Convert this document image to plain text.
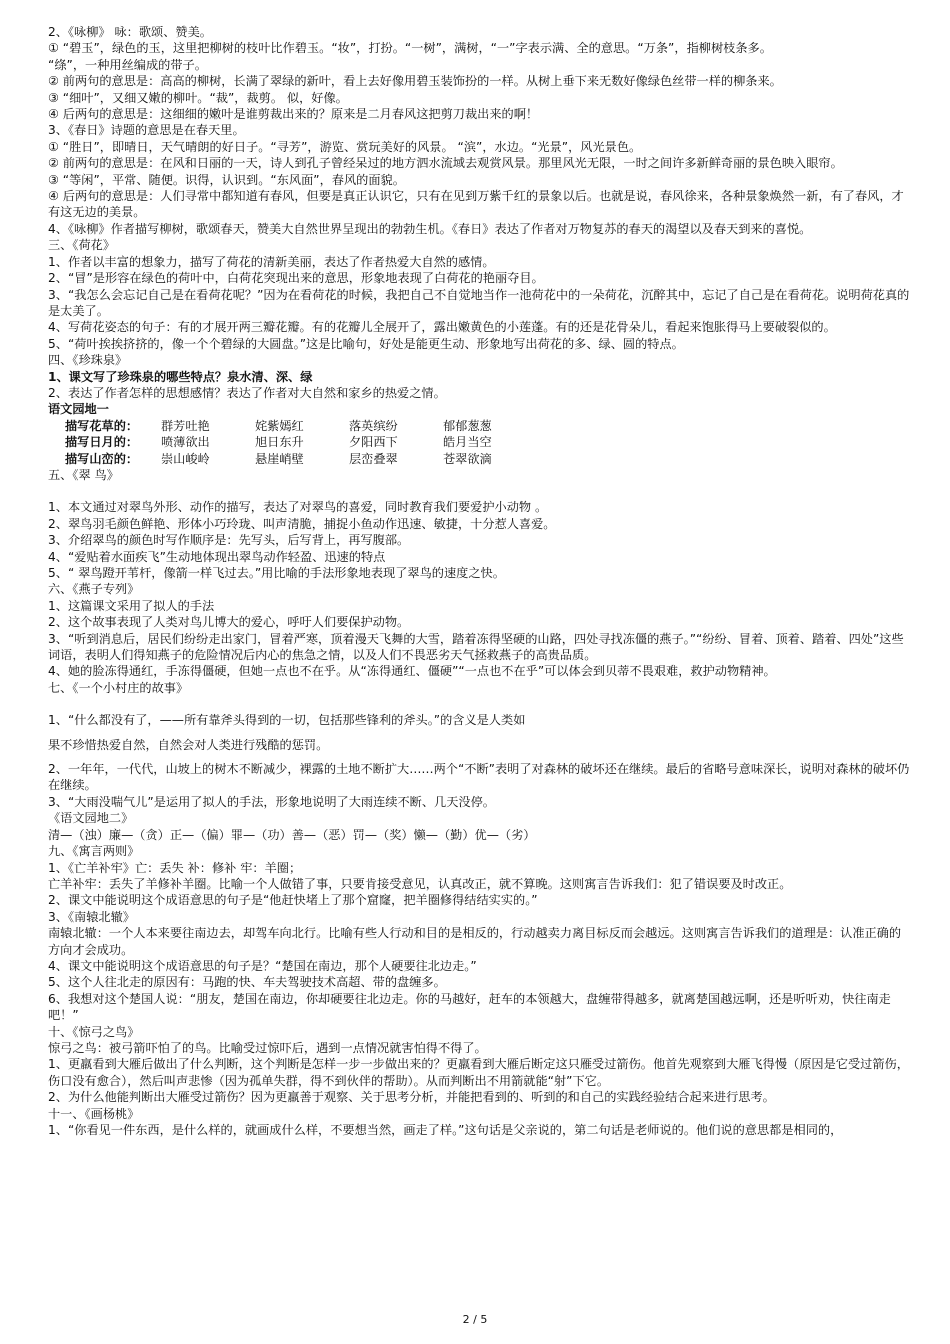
2、《咏柳》 咏：歌颂、赞美。

① “碧玉”，绿色的玉，这里把柳树的枝叶比作碧玉。“妆”，打扮。“一树”，满树，“一”字表示满、全的意思。“万条”，指柳树枝条多。

“绦”，一种用丝编成的带子。

② 前两句的意思是：高高的柳树，长满了翠绿的新叶，看上去好像用碧玉装饰扮的一样。从树上垂下来无数好像绿色丝带一样的柳条来。

③ “细叶”，又细又嫩的柳叶。“裁”，裁剪。 似，好像。

④ 后两句的意思是：这细细的嫩叶是谁剪裁出来的？原来是二月春风这把剪刀裁出来的啊！

3、《春日》诗题的意思是在春天里。

① “胜日”，即晴日，天气晴朗的好日子。“寻芳”，游览、赏玩美好的风景。 “滨”，水边。“光景”，风光景色。

② 前两句的意思是：在风和日丽的一天，诗人到孔子曾经呆过的地方泗水流域去观赏风景。那里风光无限，一时之间许多新鲜奇丽的景色映入眼帘。

③ “等闲”，平常、随便。识得，认识到。“东风面”，春风的面貌。

④ 后两句的意思是：人们寻常中都知道有春风，但要是真正认识它，只有在见到万紫千红的景象以后。也就是说，春风徐来，各种景象焕然一新，有了春风，才有这无边的美景。

4、《咏柳》作者描写柳树，歌颂春天，赞美大自然世界呈现出的勃勃生机。《春日》表达了作者对万物复苏的春天的渴望以及春天到来的喜悦。

三、《荷花》

1、作者以丰富的想象力，描写了荷花的清新美丽，表达了作者热爱大自然的感情。

2、“冒”是形容在绿色的荷叶中，白荷花突现出来的意思，形象地表现了白荷花的艳丽夺目。

3、“我怎么会忘记自己是在看荷花呢？”因为在看荷花的时候，我把自己不自觉地当作一池荷花中的一朵荷花，沉醉其中，忘记了自己是在看荷花。说明荷花真的是太美了。

4、写荷花姿态的句子：有的才展开两三瓣花瓣。有的花瓣儿全展开了，露出嫩黄色的小莲蓬。有的还是花骨朵儿，看起来饱胀得马上要破裂似的。

5、“荷叶挨挨挤挤的，像一个个碧绿的大圆盘。”这是比喻句，好处是能更生动、形象地写出荷花的多、绿、圆的特点。

四、《珍珠泉》

1、课文写了珍珠泉的哪些特点？泉水清、深、绿

2、表达了作者怎样的思想感情？表达了作者对大自然和家乡的热爱之情。

语文园地一

描写花草的：	群芳吐艳	姹紫嫣红	落英缤纷	郁郁葱葱
描写日月的：	喷薄欲出	旭日东升	夕阳西下	皓月当空
描写山峦的：	崇山峻岭	悬崖峭壁	层峦叠翠	苍翠欲滴

五、《翠 鸟》

1、本文通过对翠鸟外形、动作的描写，表达了对翠鸟的喜爱，同时教育我们要爱护小动物 。

2、翠鸟羽毛颜色鲜艳、形体小巧玲珑、叫声清脆，捕捉小鱼动作迅速、敏捷，十分惹人喜爱。

3、介绍翠鸟的颜色时写作顺序是：先写头，后写背上，再写腹部。

4、“爱贴着水面疾飞”生动地体现出翠鸟动作轻盈、迅速的特点

5、“ 翠鸟蹬开苇杆，像箭一样飞过去。”用比喻的手法形象地表现了翠鸟的速度之快。

六、《燕子专列》

1、这篇课文采用了拟人的手法

2、这个故事表现了人类对鸟儿博大的爱心，呼吁人们要保护动物。

3、“听到消息后，居民们纷纷走出家门，冒着严寒，顶着漫天飞舞的大雪，踏着冻得坚硬的山路，四处寻找冻僵的燕子。”“纷纷、冒着、顶着、踏着、四处”这些词语，表明人们得知燕子的危险情况后内心的焦急之情，以及人们不畏恶劣天气拯救燕子的高贵品质。

4、她的脸冻得通红，手冻得僵硬，但她一点也不在乎。从“冻得通红、僵硬”“一点也不在乎”可以体会到贝蒂不畏艰难，救护动物精神。

七、《一个小村庄的故事》

1、“什么都没有了，——所有靠斧头得到的一切，包括那些锋利的斧头。”的含义是人类如

果不珍惜热爱自然，自然会对人类进行残酷的惩罚。

2、一年年，一代代，山坡上的树木不断减少，裸露的土地不断扩大……两个“不断”表明了对森林的破坏还在继续。最后的省略号意味深长，说明对森林的破坏仍在继续。

3、“大雨没喘气儿”是运用了拟人的手法，形象地说明了大雨连续不断、几天没停。

《语文园地二》

清—（浊）廉—（贪）正—（偏）罪—（功）善—（恶）罚—（奖）懒—（勤）优—（劣）

九、《寓言两则》

1、《亡羊补牢》亡：丢失 补：修补 牢：羊圈；

亡羊补牢：丢失了羊修补羊圈。比喻一个人做错了事，只要肯接受意见，认真改正，就不算晚。这则寓言告诉我们：犯了错误要及时改正。

2、课文中能说明这个成语意思的句子是“他赶快堵上了那个窟窿，把羊圈修得结结实实的。”

3、《南辕北辙》

南辕北辙：一个人本来要往南边去，却驾车向北行。比喻有些人行动和目的是相反的，行动越卖力离目标反而会越远。这则寓言告诉我们的道理是：认准正确的方向才会成功。

4、课文中能说明这个成语意思的句子是？“楚国在南边，那个人硬要往北边走。”

5、这个人往北走的原因有：马跑的快、车夫驾驶技术高超、带的盘缠多。

6、我想对这个楚国人说：“朋友，楚国在南边，你却硬要往北边走。你的马越好，赶车的本领越大，盘缠带得越多，就离楚国越远啊，还是听听劝，快往南走吧！”

十、《惊弓之鸟》

惊弓之鸟：被弓箭吓怕了的鸟。比喻受过惊吓后，遇到一点情况就害怕得不得了。

1、更羸看到大雁后做出了什么判断，这个判断是怎样一步一步做出来的？更羸看到大雁后断定这只雁受过箭伤。他首先观察到大雁飞得慢（原因是它受过箭伤，伤口没有愈合），然后叫声悲惨（因为孤单失群，得不到伙伴的帮助）。从而判断出不用箭就能“射”下它。

2、为什么他能判断出大雁受过箭伤？因为更羸善于观察、关于思考分析，并能把看到的、听到的和自己的实践经验结合起来进行思考。

十一、《画杨桃》

1、“你看见一件东西，是什么样的，就画成什么样，不要想当然，画走了样。”这句话是父亲说的，第二句话是老师说的。他们说的意思都是相同的，

2 / 5
